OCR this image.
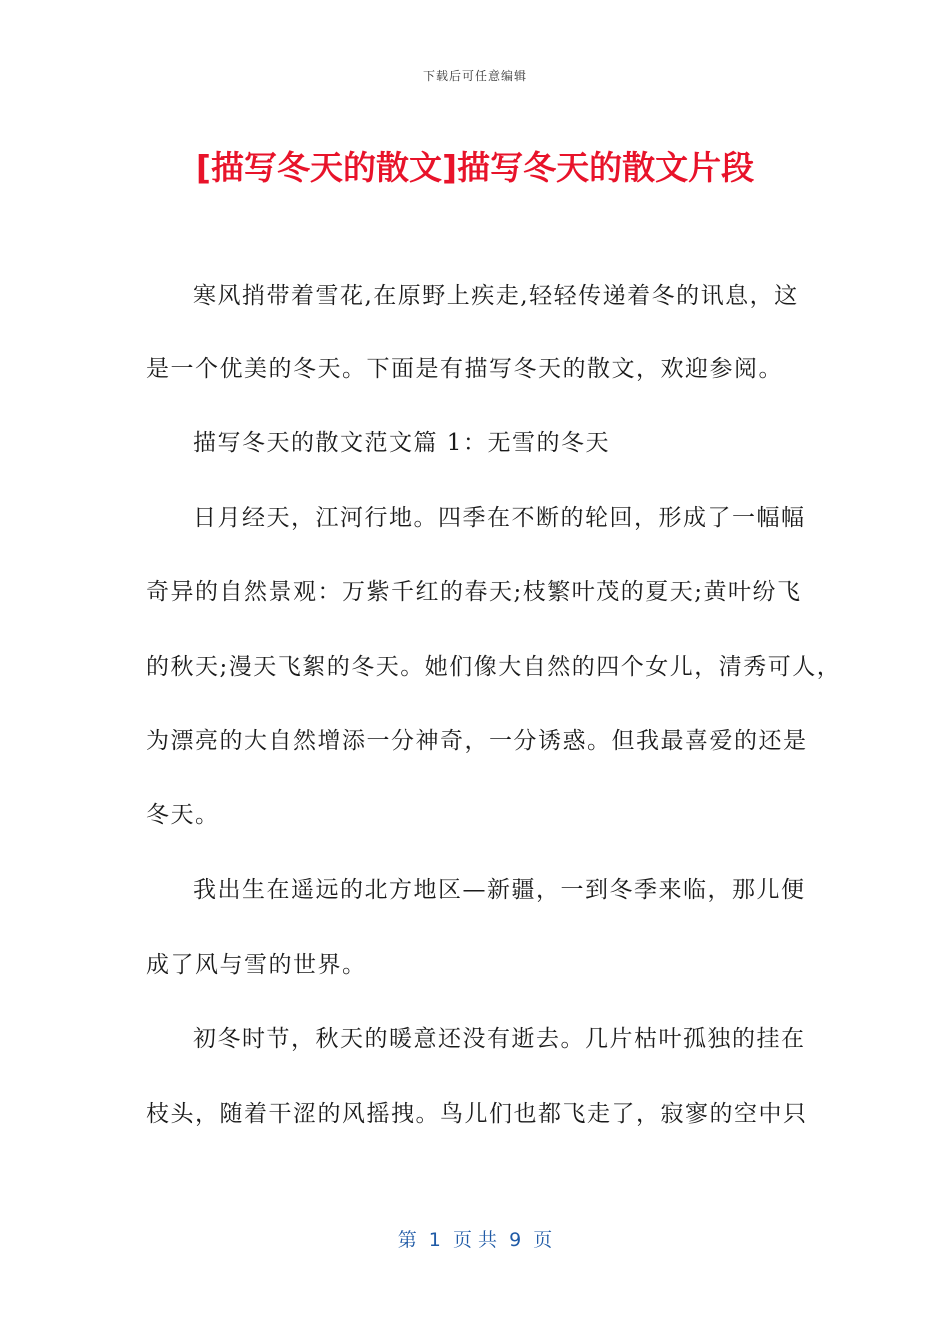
下载后可任意编辑
[描写冬天的散文]描写冬天的散文片段
寒风捎带着雪花,在原野上疾走,轻轻传递着冬的讯息，这
是一个优美的冬天。下面是有描写冬天的散文，欢迎参阅。
描写冬天的散文范文篇 1：无雪的冬天
日月经天，江河行地。四季在不断的轮回，形成了一幅幅
奇异的自然景观：万紫千红的春天;枝繁叶茂的夏天;黄叶纷飞
的秋天;漫天飞絮的冬天。她们像大自然的四个女儿，清秀可人，
为漂亮的大自然增添一分神奇，一分诱惑。但我最喜爱的还是
冬天。
我出生在遥远的北方地区—新疆，一到冬季来临，那儿便
成了风与雪的世界。
初冬时节，秋天的暖意还没有逝去。几片枯叶孤独的挂在
枝头，随着干涩的风摇拽。鸟儿们也都飞走了，寂寥的空中只
第  1  页 共  9  页
